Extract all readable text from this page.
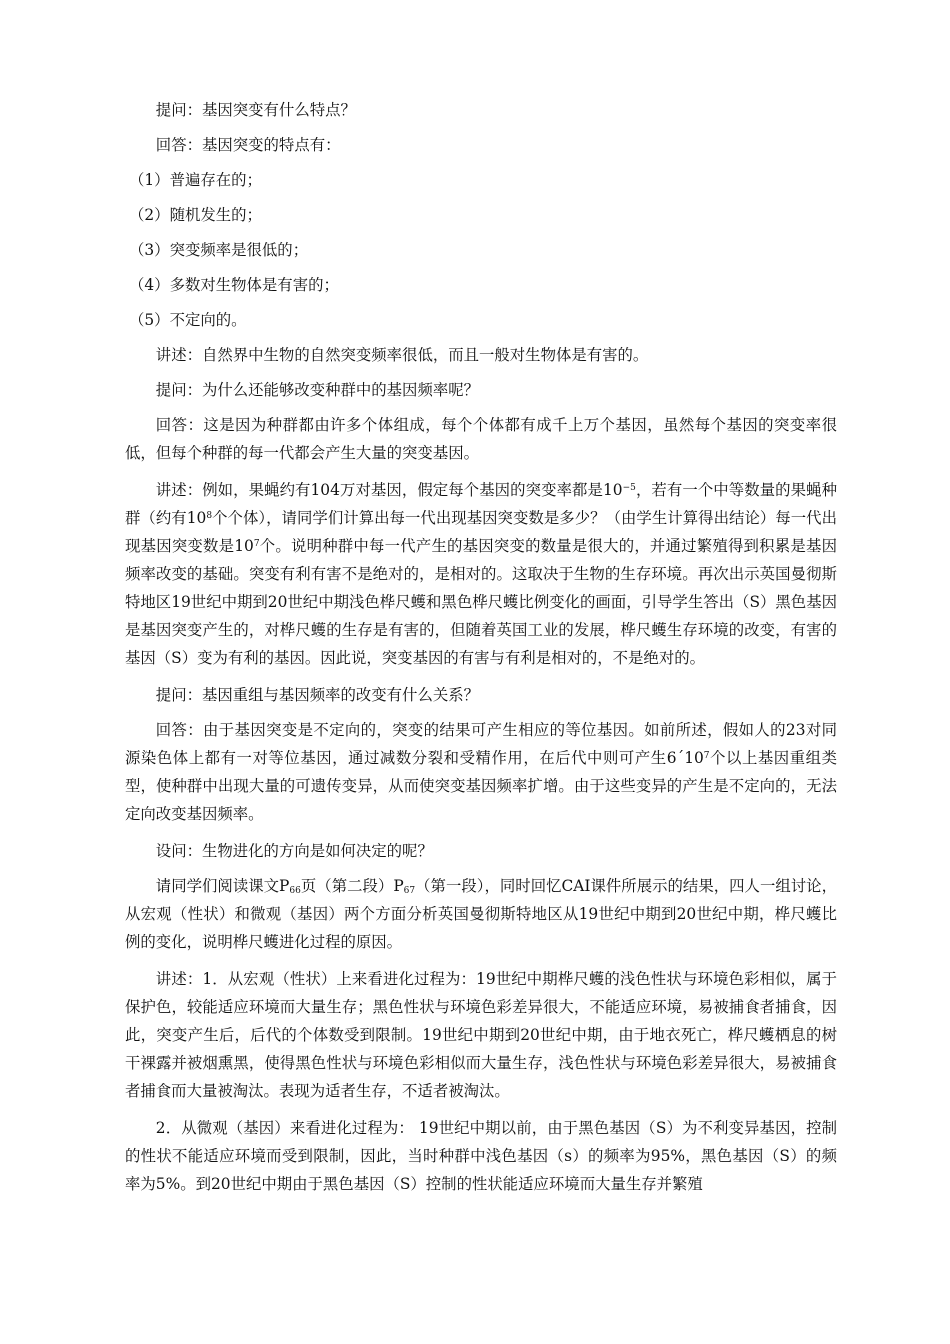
提问：基因突变有什么特点？

回答：基因突变的特点有：

（1）普遍存在的；
（2）随机发生的；
（3）突变频率是很低的；
（4）多数对生物体是有害的；
（5）不定向的。

讲述：自然界中生物的自然突变频率很低，而且一般对生物体是有害的。

提问：为什么还能够改变种群中的基因频率呢？

回答：这是因为种群都由许多个体组成，每个个体都有成千上万个基因，虽然每个基因的突变率很低，但每个种群的每一代都会产生大量的突变基因。

讲述：例如，果蝇约有104万对基因，假定每个基因的突变率都是$10^{-5}$，若有一个中等数量的果蝇种群（约有$10^8$个个体），请同学们计算出每一代出现基因突变数是多少？（由学生计算得出结论）每一代出现基因突变数是$10^7$个。说明种群中每一代产生的基因突变的数量是很大的，并通过繁殖得到积累是基因频率改变的基础。突变有利有害不是绝对的，是相对的。这取决于生物的生存环境。再次出示英国曼彻斯特地区19世纪中期到20世纪中期浅色桦尺蠖和黑色桦尺蠖比例变化的画面，引导学生答出（S）黑色基因是基因突变产生的，对桦尺蠖的生存是有害的，但随着英国工业的发展，桦尺蠖生存环境的改变，有害的基因（S）变为有利的基因。因此说，突变基因的有害与有利是相对的，不是绝对的。

提问：基因重组与基因频率的改变有什么关系？

回答：由于基因突变是不定向的，突变的结果可产生相应的等位基因。如前所述，假如人的23对同源染色体上都有一对等位基因，通过减数分裂和受精作用，在后代中则可产生$6´10^7$个以上基因重组类型，使种群中出现大量的可遗传变异，从而使突变基因频率扩增。由于这些变异的产生是不定向的，无法定向改变基因频率。

设问：生物进化的方向是如何决定的呢？

请同学们阅读课文$P_{66}$页（第二段）$P_{67}$（第一段），同时回忆CAI课件所展示的结果，四人一组讨论，从宏观（性状）和微观（基因）两个方面分析英国曼彻斯特地区从19世纪中期到20世纪中期，桦尺蠖比例的变化，说明桦尺蠖进化过程的原因。

讲述：1．从宏观（性状）上来看进化过程为：19世纪中期桦尺蠖的浅色性状与环境色彩相似，属于保护色，较能适应环境而大量生存；黑色性状与环境色彩差异很大，不能适应环境，易被捕食者捕食，因此，突变产生后，后代的个体数受到限制。19世纪中期到20世纪中期，由于地衣死亡，桦尺蠖栖息的树干裸露并被烟熏黑，使得黑色性状与环境色彩相似而大量生存，浅色性状与环境色彩差异很大，易被捕食者捕食而大量被淘汰。表现为适者生存，不适者被淘汰。

2．从微观（基因）来看进化过程为： 19世纪中期以前，由于黑色基因（S）为不利变异基因，控制的性状不能适应环境而受到限制，因此，当时种群中浅色基因（s）的频率为95%，黑色基因（S）的频率为5%。到20世纪中期由于黑色基因（S）控制的性状能适应环境而大量生存并繁殖
